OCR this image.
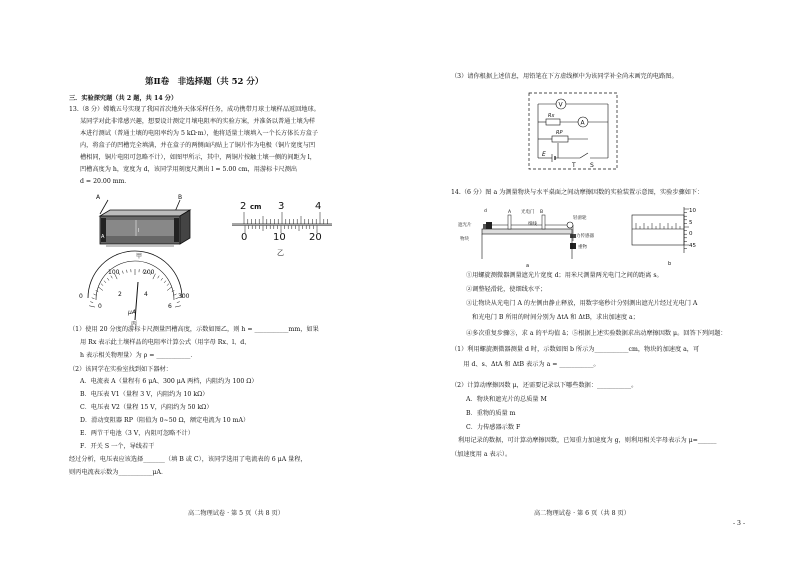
第Ⅱ卷　非选择题（共 52 分）
三．实验探究题（共 2 题，共 14 分）
13.（8 分）嫦娥五号实现了我国首次地外天体采样任务，成功携带月球土壤样品返回地球。
某同学对此非常感兴趣，想要设计测定月壤电阻率的实验方案，并准备以普通土壤为样
本进行测试（普通土壤的电阻率约为 5 kΩ·m），他将适量土壤填入一个长方体长方盒子
内，将盒子的凹槽完全填满，并在盒子的两侧面内贴上了铜片作为电极（铜片宽度与凹
槽相同，铜片电阻可忽略不计），如图甲所示，其中，两铜片按触土壤一侧的间距为 l，
凹槽高度为 h，宽度为 d，该同学用刻度尺测出 l = 5.00 cm，用游标卡尺测出
d = 20.00 mm．
A	B
A
l
甲
2 cm 3	4
0	10 20
乙
0
100	200
300
0
2	4
6
μA
丙
（1）使用 20 分度的游标卡尺测量凹槽高度，示数如图乙，则 h = ___________mm，如果
用 Rx 表示此土壤样品的电阻率计算公式（用字母 Rx、l、d、
h 表示相关物理量）为 ρ = ___________．
（2）该同学在实验室找到如下器材：
A．电流表 A（量程有 6 μA、300 μA 两档，内阻约为 100 Ω）
B．电压表 V1（量程 3 V，内阻约为 10 kΩ）
C．电压表 V2（量程 15 V，内阻约为 50 kΩ）
D．滑动变阻器 RP（阻值为 0∼50 Ω，额定电流为 10 mA）
E．两节干电池（3 V，内阻可忽略不计）
F．开关 S 一个，导线若干
经过分析，电压表应该选择_______（填 B 或 C），该同学选用了电流表的 6 μA 量程，
则丙电流表示数为___________μA．
高二物理试卷 · 第 5 页（共 8 页）
（3）请你根据上述信息，用铅笔在下方虚线框中为该同学补全尚未画完的电路图。
V
Rx
A
RP
E
T S
14.（6 分）图 a 为测量物块与水平桌面之间动摩擦因数的实验装置示意图，实验步骤如下：
d	A 光电门 B
遮光片
物块
细线
轻滑轮
力传感器
重物
a
10
5
0
45
b
①用螺旋测微器测量遮光片宽度 d；用米尺测量两光电门之间的距离 s。
②调整轻滑轮，使细线水平；
③让物块从光电门 A 的左侧由静止释放，用数字毫秒计分别测出遮光片经过光电门 A
　和光电门 B 所用的时间分别为 ΔtA 和 ΔtB，求出加速度 a；
④多次重复步骤③，求 a 的平均值 ā；⑤根据上述实验数据求出动摩擦因数 μ。回答下列问题：
（1）利用螺旋测微器测量 d 时，示数如图 b 所示为___________cm，物块的加速度 a，可
　　用 d、s、ΔtA 和 ΔtB 表示为 a = ___________。
（2）计算动摩擦因数 μ，还需要记录以下哪些数据：___________。
A．物块和遮光片的总质量 M
B．重物的质量 m
C．力传感器示数 F
利用记录的数据，可计算动摩擦因数，已知重力加速度为 g，则利用相关字母表示为 μ=______
（加速度用 a 表示）。
高二物理试卷 · 第 6 页（共 8 页）
- 3 -
